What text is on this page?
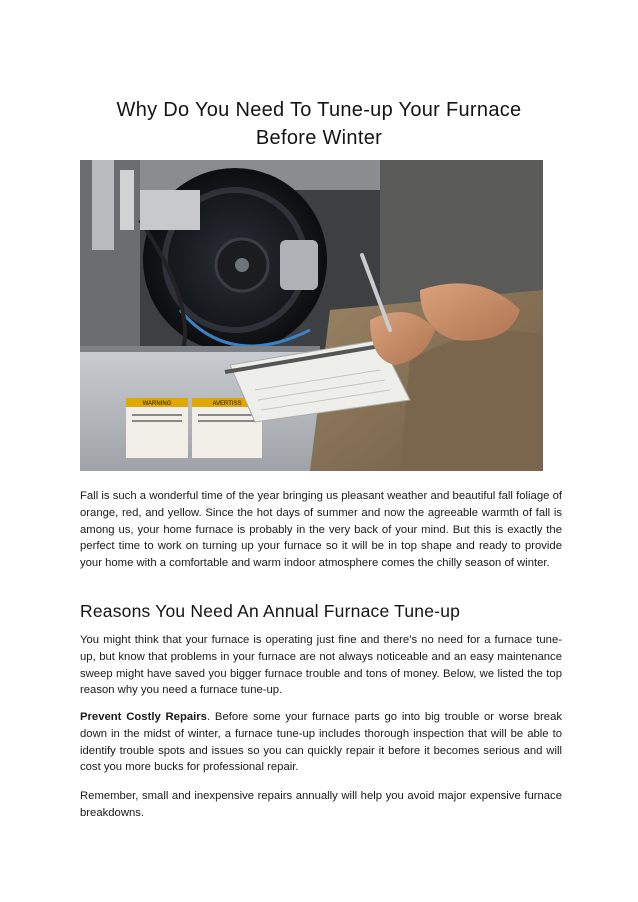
Why Do You Need To Tune-up Your Furnace
Before Winter
WARNING	AVERTISS

Fall is such a wonderful time of the year bringing us pleasant weather and beautiful fall foliage of orange, red, and yellow. Since the hot days of summer and now the agreeable warmth of fall is among us, your home furnace is probably in the very back of your mind. But this is exactly the perfect time to work on turning up your furnace so it will be in top shape and ready to provide your home with a comfortable and warm indoor atmosphere comes the chilly season of winter.

Reasons You Need An Annual Furnace Tune-up

You might think that your furnace is operating just fine and there’s no need for a furnace tune-up, but know that problems in your furnace are not always noticeable and an easy maintenance sweep might have saved you bigger furnace trouble and tons of money. Below, we listed the top reason why you need a furnace tune-up.

Prevent Costly Repairs. Before some your furnace parts go into big trouble or worse break down in the midst of winter, a furnace tune-up includes thorough inspection that will be able to identify trouble spots and issues so you can quickly repair it before it becomes serious and will cost you more bucks for professional repair.

Remember, small and inexpensive repairs annually will help you avoid major expensive furnace breakdowns.
